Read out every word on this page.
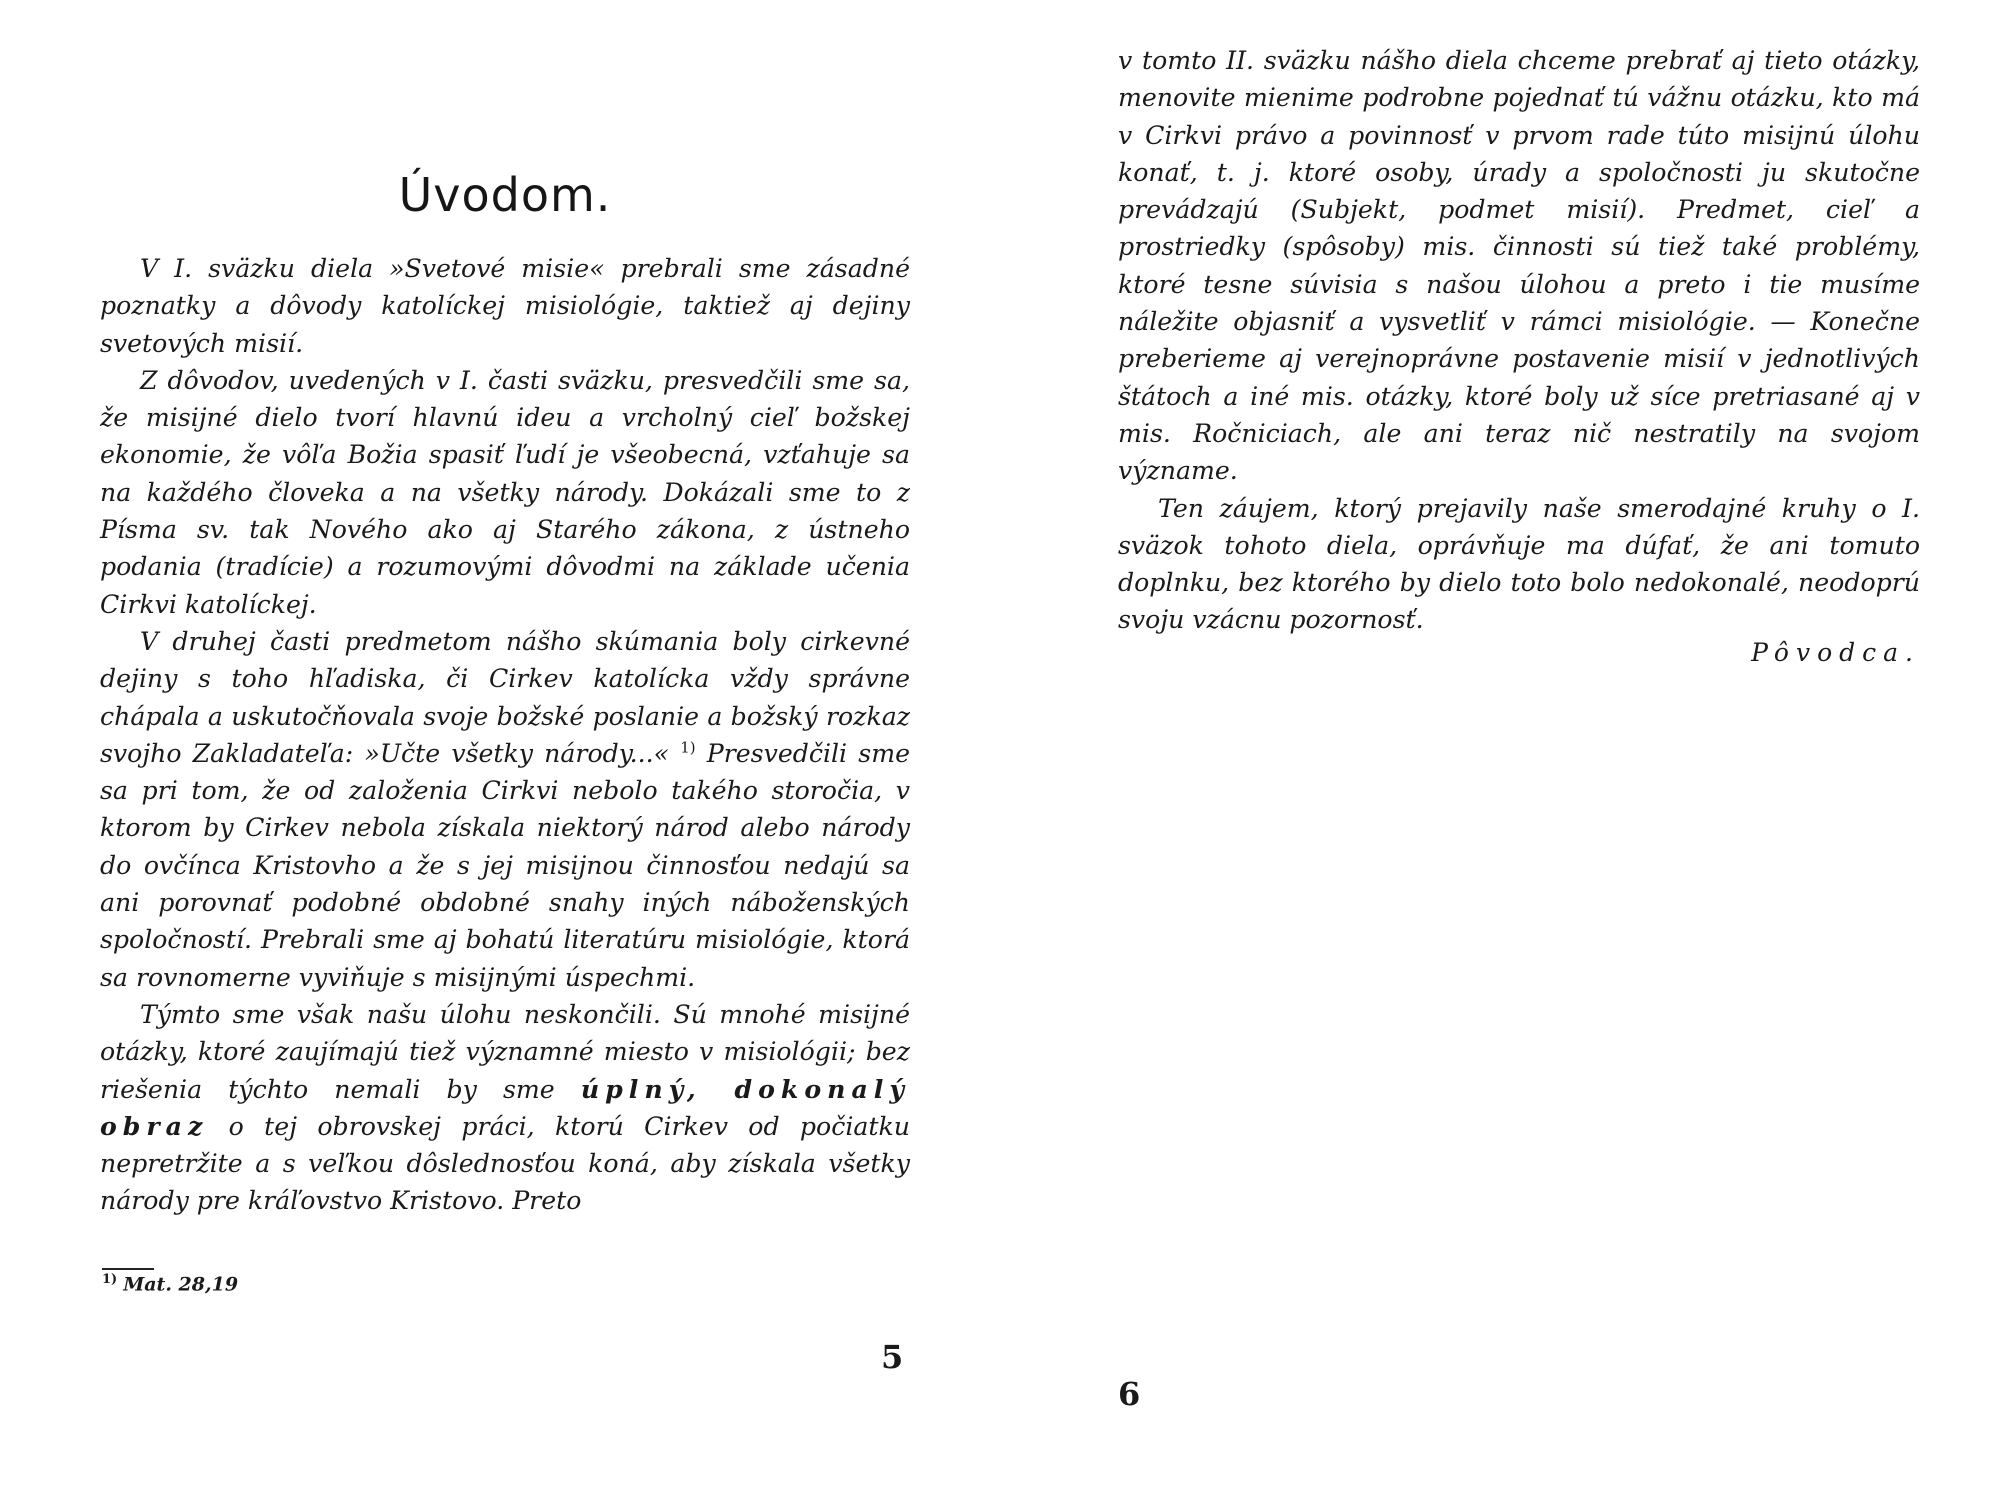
Úvodom.

V I. sväzku diela »Svetové misie« prebrali sme zásadné poznatky a dôvody katolíckej misiológie, taktiež aj dejiny svetových misií.

Z dôvodov, uvedených v I. časti sväzku, presvedčili sme sa, že misijné dielo tvorí hlavnú ideu a vrcholný cieľ božskej ekonomie, že vôľa Božia spasiť ľudí je všeobecná, vzťahuje sa na každého človeka a na všetky národy. Dokázali sme to z Písma sv. tak Nového ako aj Starého zákona, z ústneho podania (tradície) a rozumovými dôvodmi na základe učenia Cirkvi katolíckej.

V druhej časti predmetom nášho skúmania boly cirkevné dejiny s toho hľadiska, či Cirkev katolícka vždy správne chápala a uskutočňovala svoje božské poslanie a božský rozkaz svojho Zakladateľa: »Učte všetky národy...« $^{1)}$ Presvedčili sme sa pri tom, že od založenia Cirkvi nebolo takého storočia, v ktorom by Cirkev nebola získala niektorý národ alebo národy do ovčínca Kristovho a že s jej misijnou činnosťou nedajú sa ani porovnať podobné obdobné snahy iných náboženských spoločností. Prebrali sme aj bohatú literatúru misiológie, ktorá sa rovnomerne vyviňuje s misijnými úspechmi.

Týmto sme však našu úlohu neskončili. Sú mnohé misijné otázky, ktoré zaujímajú tiež významné miesto v misiológii; bez riešenia týchto nemali by sme úplný, dokonalý obraz o tej obrovskej práci, ktorú Cirkev od počiatku nepretržite a s veľkou dôslednosťou koná, aby získala všetky národy pre kráľovstvo Kristovo. Preto

$^{1)}$ Mat. 28,19

5

v tomto II. sväzku nášho diela chceme prebrať aj tieto otázky, menovite mienime podrobne pojednať tú vážnu otázku, kto má v Cirkvi právo a povinnosť v prvom rade túto misijnú úlohu konať, t. j. ktoré osoby, úrady a spoločnosti ju skutočne prevádzajú (Subjekt, podmet misií). Predmet, cieľ a prostriedky (spôsoby) mis. činnosti sú tiež také problémy, ktoré tesne súvisia s našou úlohou a preto i tie musíme náležite objasniť a vysvetliť v rámci misiológie. — Konečne preberieme aj verejnoprávne postavenie misií v jednotlivých štátoch a iné mis. otázky, ktoré boly už síce pretriasané aj v mis. Ročniciach, ale ani teraz nič nestratily na svojom význame.

Ten záujem, ktorý prejavily naše smerodajné kruhy o I. sväzok tohoto diela, oprávňuje ma dúfať, že ani tomuto doplnku, bez ktorého by dielo toto bolo nedokonalé, neodoprú svoju vzácnu pozornosť.

Pôvodca.

6
